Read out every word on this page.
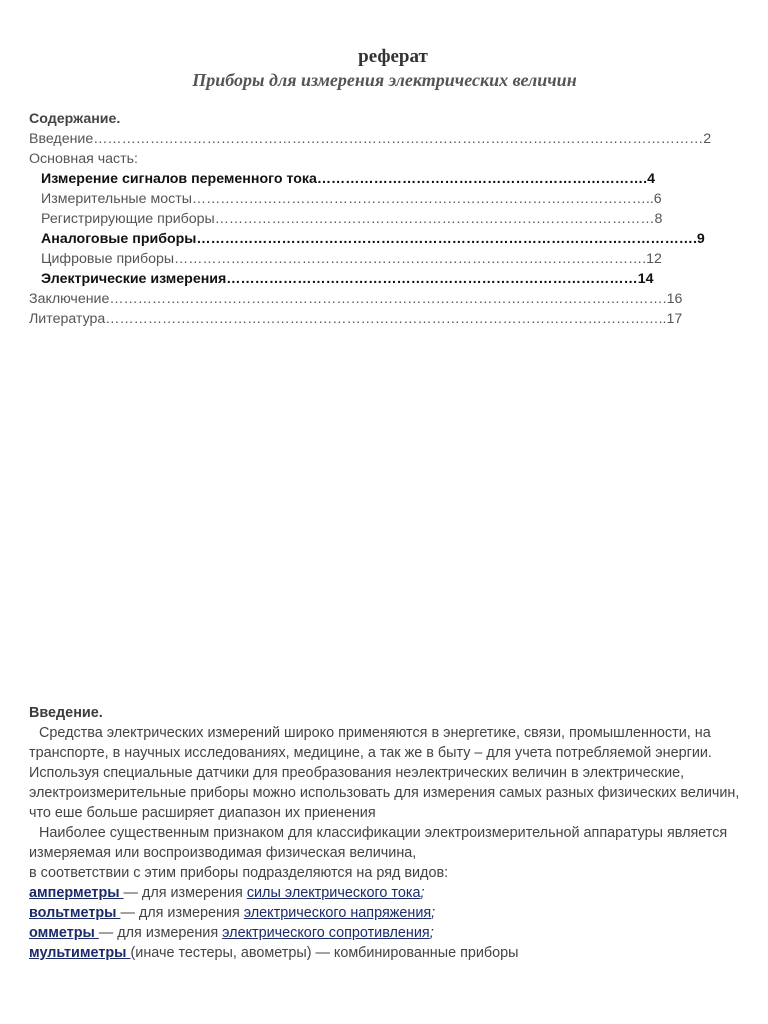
реферат
Приборы для измерения электрических величин
Содержание.
Введение…………………………………………………………………………………………………………………2
Основная часть:
Измерение сигналов переменного тока…………………………………………………………….4
Измерительные мосты……………………………………………………………………………………..6
Регистрирующие приборы…………………………………………………………………………………8
Аналоговые приборы…………………………………………………………………………………………….9
Цифровые приборы……………………………………………………………………………………….12
Электрические измерения……………………………………………………………………………14
Заключение……………………………………………………………………………………………………….16
Литература………………………………………………………………………………………………………..17
Введение.

Средства электрических измерений широко применяются в энергетике, связи, промышленности, на транспорте, в научных исследованиях, медицине, а так же в быту – для учета потребляемой энергии. Используя специальные датчики для преобразования неэлектрических величин в электрические, электроизмерительные приборы можно использовать для измерения самых разных физических величин, что еше больше расширяет диапазон их приенения

Наиболее существенным признаком для классификации электроизмерительной аппаратуры является измеряемая или воспроизводимая физическая величина,

в соответствии с этим приборы подразделяются на ряд видов:

амперметры — для измерения силы электрического тока;
вольтметры — для измерения электрического напряжения;
омметры — для измерения электрического сопротивления;
мультиметры (иначе тестеры, авометры) — комбинированные приборы
